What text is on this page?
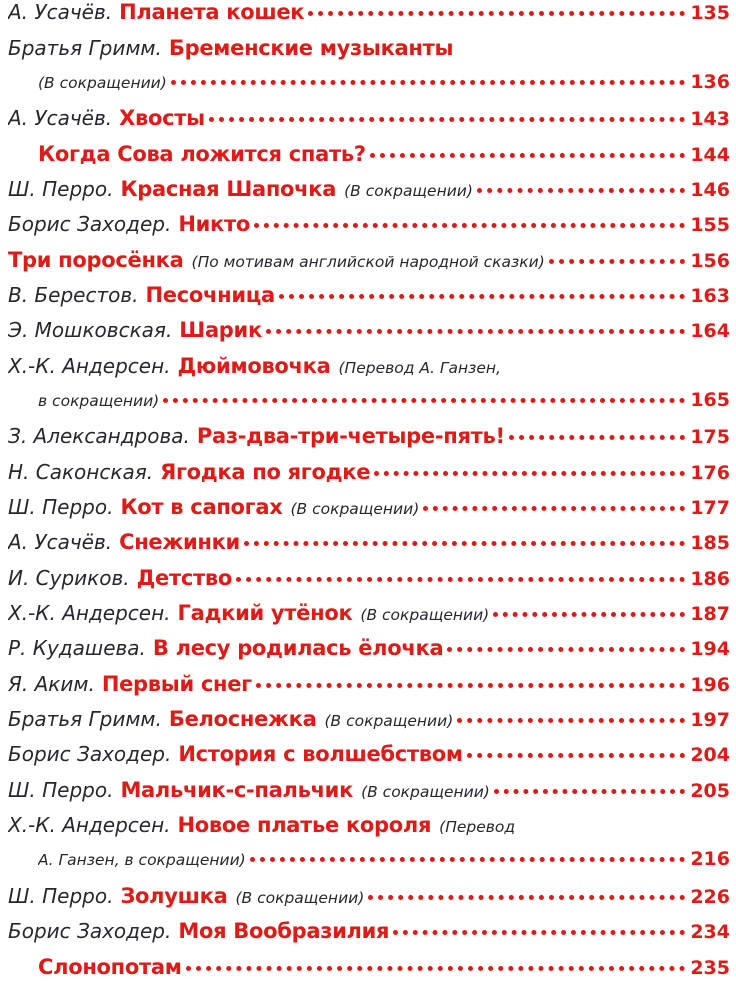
А. Усачёв. Планета кошек	135
Братья Гримм. Бременские музыканты
(В сокращении)	136
А. Усачёв. Хвосты	143
Когда Сова ложится спать?	144
Ш. Перро. Красная Шапочка (В сокращении)	146
Борис Заходер. Никто	155
Три поросёнка (По мотивам английской народной сказки)	156
В. Берестов. Песочница	163
Э. Мошковская. Шарик	164
Х.-К. Андерсен. Дюймовочка (Перевод А. Ганзен,
в сокращении)	165
З. Александрова. Раз-два-три-четыре-пять!	175
Н. Саконская. Ягодка по ягодке	176
Ш. Перро. Кот в сапогах (В сокращении)	177
А. Усачёв. Снежинки	185
И. Суриков. Детство	186
Х.-К. Андерсен. Гадкий утёнок (В сокращении)	187
Р. Кудашева. В лесу родилась ёлочка	194
Я. Аким. Первый снег	196
Братья Гримм. Белоснежка (В сокращении)	197
Борис Заходер. История с волшебством	204
Ш. Перро. Мальчик-с-пальчик (В сокращении)	205
Х.-К. Андерсен. Новое платье короля (Перевод
А. Ганзен, в сокращении)	216
Ш. Перро. Золушка (В сокращении)	226
Борис Заходер. Моя Вообразилия	234
Слонопотам	235
